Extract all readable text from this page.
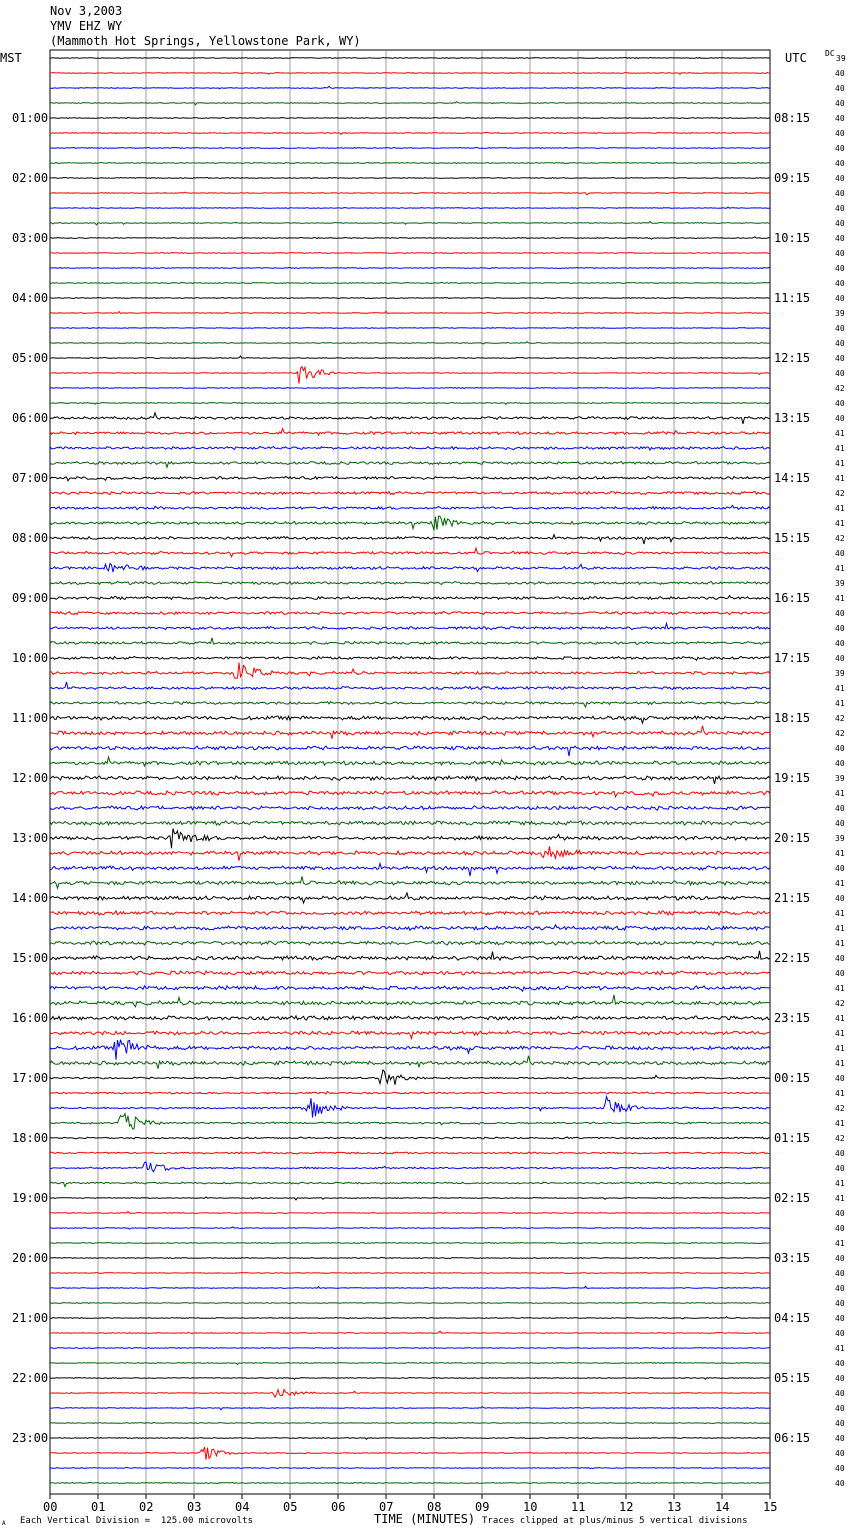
Nov 3,2003
YMV EHZ WY
(Mammoth Hot Springs, Yellowstone Park, WY)
MST	UTC DC
01:00
02:00
03:00
04:00
05:00
06:00
07:00
08:00
09:00
10:00
11:00
12:00
13:00
14:00
15:00
16:00
17:00
18:00
19:00
20:00
21:00
22:00
23:00
08:15
09:15
10:15
11:15
12:15
13:15
14:15
15:15
16:15
17:15
18:15
19:15
20:15
21:15
22:15
23:15
00:15
01:15
02:15
03:15
04:15
05:15
06:15
39
40
40
40
40
40
40
40
40
40
40
40
40
40
40
40
40
39
40
40
40
40
42
40
40
41
41
41
41
42
41
41
42
40
41
39
41
40
40
40
40
39
41
41
42
42
40
40
39
41
40
40
39
41
40
41
40
41
41
41
40
40
41
42
41
41
41
41
40
41
42
41
42
40
40
41
41
40
40
41
40
40
40
40
40
40
41
40
40
40
40
40
40
40
40
40
00	01	02	03	04	05	06	07	08	09	10	11	12	13	14	15
TIME (MINUTES)
A Each Vertical Division =  125.00 microvolts	Traces clipped at plus/minus 5 vertical divisions
